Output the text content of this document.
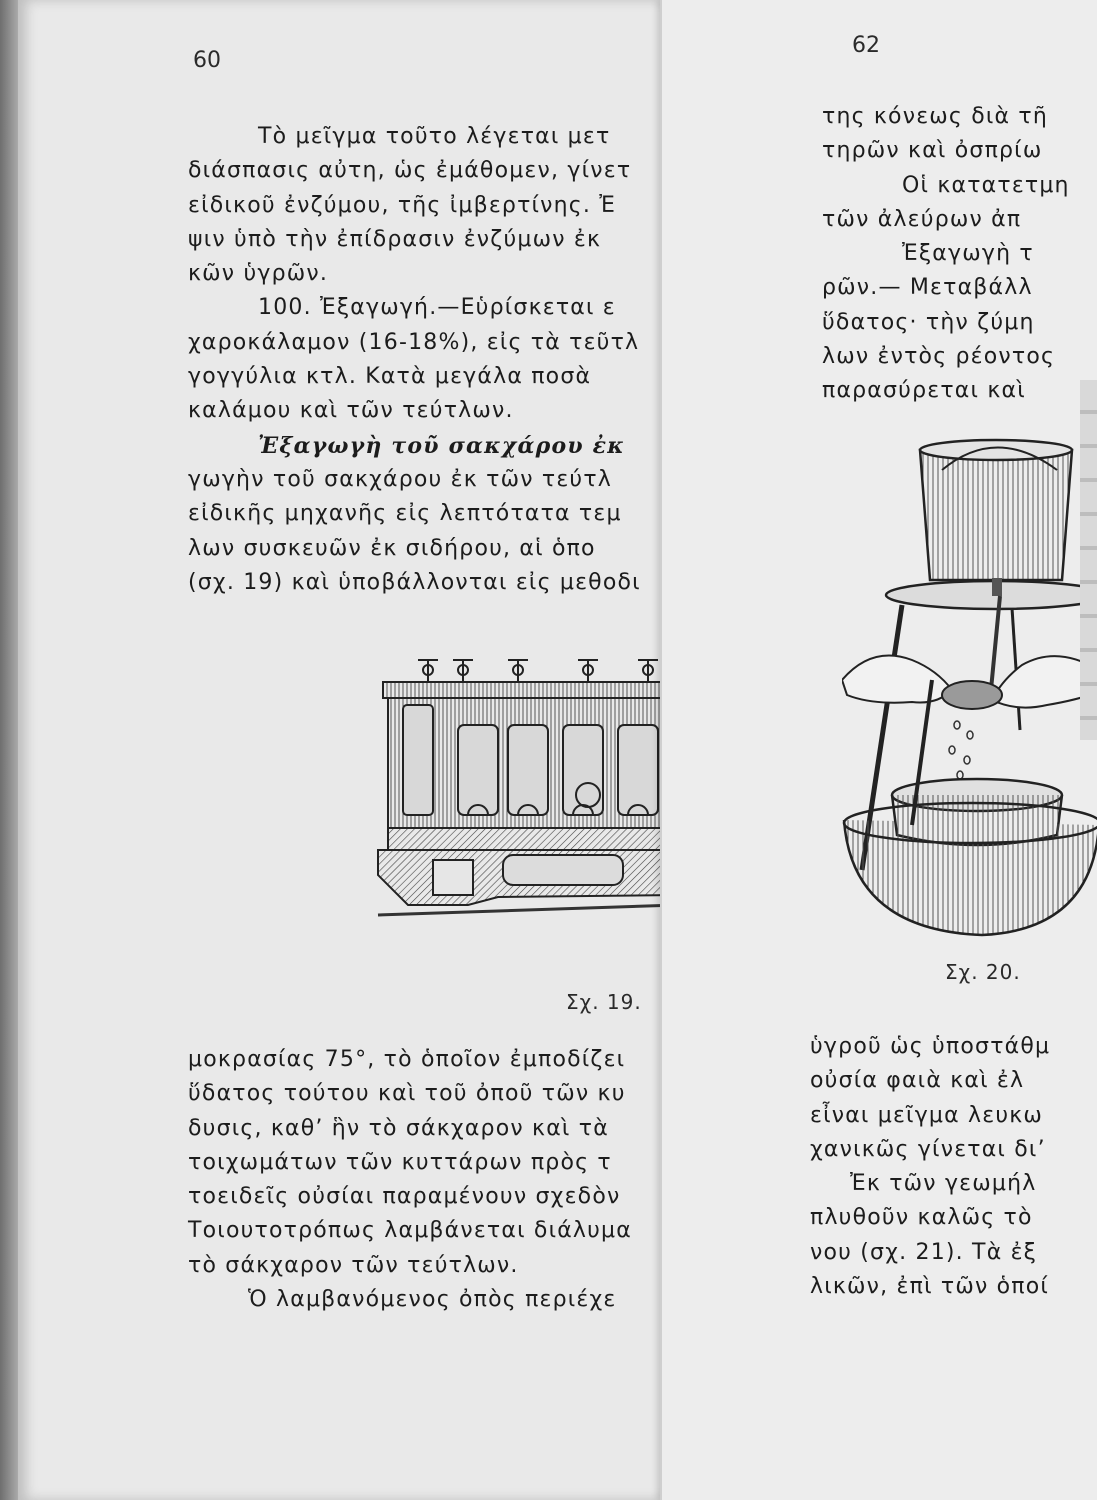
60
Τὸ μεῖγμα τοῦτο λέγεται μετ
διάσπασις αὐτη, ὡς ἐμάθομεν, γίνετ
εἰδικοῦ ἐνζύμου, τῆς ἰμβερτίνης. Ἐ
ψιν ὑπὸ τὴν ἐπίδρασιν ἐνζύμων ἐκ
κῶν ὑγρῶν.
100. Ἐξαγωγή.—Εὑρίσκεται ε
χαροκάλαμον (16-18%), εἰς τὰ τεῦτλ
γογγύλια κτλ. Κατὰ μεγάλα ποσὰ
καλάμου καὶ τῶν τεύτλων.
Ἐξαγωγὴ τοῦ σακχάρου ἐκ
γωγὴν τοῦ σακχάρου ἐκ τῶν τεύτλ
εἰδικῆς μηχανῆς εἰς λεπτότατα τεμ
λων συσκευῶν ἐκ σιδήρου, αἱ ὁπο
(σχ. 19) καὶ ὑποβάλλονται εἰς μεθοδι
Σχ. 19.
μοκρασίας 75°, τὸ ὁποῖον ἐμποδίζει
ὕδατος τούτου καὶ τοῦ ὀποῦ τῶν κυ
δυσις, καθ’ ἣν τὸ σάκχαρον καὶ τὰ
τοιχωμάτων τῶν κυττάρων πρὸς τ
τοειδεῖς οὐσίαι παραμένουν σχεδὸν
Τοιουτοτρόπως λαμβάνεται διάλυμα
τὸ σάκχαρον τῶν τεύτλων.
Ὁ λαμβανόμενος ὀπὸς περιέχε
62
της κόνεως διὰ τῆ
τηρῶν καὶ ὀσπρίω
Οἱ κατατετμη
τῶν ἀλεύρων ἀπ
Ἐξαγωγὴ τ
ρῶν.— Μεταβάλλ
ὕδατος· τὴν ζύμη
λων ἐντὸς ρέοντος
παρασύρεται καὶ
Σχ. 20.
ὑγροῦ ὡς ὑποστάθμ
οὐσία φαιὰ καὶ ἐλ
εἶναι μεῖγμα λευκω
χανικῶς γίνεται δι’
Ἐκ τῶν γεωμήλ
πλυθοῦν καλῶς τὸ
νου (σχ. 21). Τὰ ἐξ
λικῶν, ἐπὶ τῶν ὁποί
